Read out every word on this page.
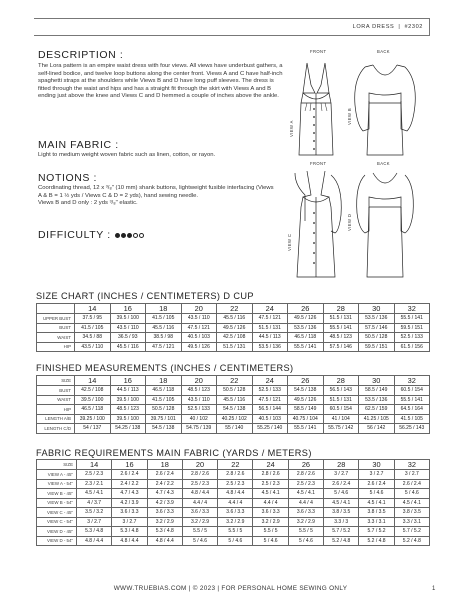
LORA DRESS | #2302
DESCRIPTION :
The Lora pattern is an empire waist dress with four views. All views have underbust gathers, a self-lined bodice, and twelve loop buttons along the center front. Views A and C have half-inch spaghetti straps at the shoulders while Views B and D have long puff sleeves. The dress is fitted through the waist and hips and has a straight fit through the skirt with Views A and B ending just above the knee and Views C and D hemmed a couple of inches above the ankle.
MAIN FABRIC :
Light to medium weight woven fabric such as linen, cotton, or rayon.
NOTIONS :
Coordinating thread, 12 x ³/₈" (10 mm) shank buttons, lightweight fusible interfacing (Views A & B = 1 ½ yds / Views C & D = 2 yds), hand sewing needle.
Views B and D only : 2 yds ³/₈" elastic.
DIFFICULTY :
FRONT	BACK
FRONT	BACK
VIEW A
VIEW B
VIEW C
VIEW D
SIZE CHART (INCHES / CENTIMETERS) D CUP
	14	16	18	20	22	24	26	28	30	32
UPPER BUST	37.5 / 95	39.5 / 100	41.5 / 105	43.5 / 110	45.5 / 116	47.5 / 121	49.5 / 126	51.5 / 131	53.5 / 136	55.5 / 141
BUST	41.5 / 105	43.5 / 110	45.5 / 116	47.5 / 121	49.5 / 126	51.5 / 131	53.5 / 136	55.5 / 141	57.5 / 146	59.5 / 151
WAIST	34.5 / 88	36.5 / 93	38.5 / 98	40.5 / 103	42.5 / 108	44.5 / 113	46.5 / 118	48.5 / 123	50.5 / 128	52.5 / 133
HIP	43.5 / 110	45.5 / 116	47.5 / 121	49.5 / 126	51.5 / 131	53.5 / 136	55.5 / 141	57.5 / 146	59.5 / 151	61.5 / 156
FINISHED MEASUREMENTS (INCHES / CENTIMETERS)
SIZE	14	16	18	20	22	24	26	28	30	32
BUST	42.5 / 108	44.5 / 113	46.5 / 118	48.5 / 123	50.5 / 128	52.5 / 133	54.5 / 138	56.5 / 143	58.5 / 149	60.5 / 154
WAIST	39.5 / 100	39.5 / 100	41.5 / 105	43.5 / 110	45.5 / 116	47.5 / 121	49.5 / 126	51.5 / 131	53.5 / 136	55.5 / 141
HIP	46.5 / 118	48.5 / 123	50.5 / 128	52.5 / 133	54.5 / 138	56.5 / 144	58.5 / 149	60.5 / 154	62.5 / 159	64.5 / 164
LENGTH A/B	39.25 / 100	39.5 / 100	39.75 / 101	40 / 102	40.25 / 102	40.5 / 103	40.75 / 104	41 / 104	41.25 / 105	41.5 / 105
LENGTH C/D	54 / 137	54.25 / 138	54.5 / 138	54.75 / 139	55 / 140	55.25 / 140	55.5 / 141	55.75 / 142	56 / 142	56.25 / 143
FABRIC REQUIREMENTS MAIN FABRIC (YARDS / METERS)
SIZE	14	16	18	20	22	24	26	28	30	32
VIEW A - 45"	2.5 / 2.3	2.6 / 2.4	2.6 / 2.4	2.8 / 2.6	2.8 / 2.6	2.8 / 2.6	2.8 / 2.6	3 / 2.7	3 / 2.7	3 / 2.7
VIEW A - 54"	2.3 / 2.1	2.4 / 2.2	2.4 / 2.2	2.5 / 2.3	2.5 / 2.3	2.5 / 2.3	2.5 / 2.3	2.6 / 2.4	2.6 / 2.4	2.6 / 2.4
VIEW B - 45"	4.5 / 4.1	4.7 / 4.3	4.7 / 4.3	4.8 / 4.4	4.8 / 4.4	4.5 / 4.1	4.5 / 4.1	5 / 4.6	5 / 4.6	5 / 4.6
VIEW B - 54"	4 / 3.7	4.2 / 3.9	4.2 / 3.9	4.4 / 4	4.4 / 4	4.4 / 4	4.4 / 4	4.5 / 4.1	4.5 / 4.1	4.5 / 4.1
VIEW C - 45"	3.5 / 3.2	3.6 / 3.3	3.6 / 3.3	3.6 / 3.3	3.6 / 3.3	3.6 / 3.3	3.6 / 3.3	3.8 / 3.5	3.8 / 3.5	3.8 / 3.5
VIEW C - 54"	3 / 2.7	3 / 2.7	3.2 / 2.9	3.2 / 2.9	3.2 / 2.9	3.2 / 2.9	3.2 / 2.9	3.3 / 3	3.3 / 3.1	3.3 / 3.1
VIEW D - 45"	5.3 / 4.8	5.3 / 4.8	5.3 / 4.8	5.5 / 5	5.5 / 5	5.5 / 5	5.5 / 5	5.7 / 5.2	5.7 / 5.2	5.7 / 5.2
VIEW D - 54"	4.8 / 4.4	4.8 / 4.4	4.8 / 4.4	5 / 4.6	5 / 4.6	5 / 4.6	5 / 4.6	5.2 / 4.8	5.2 / 4.8	5.2 / 4.8
WWW.TRUEBIAS.COM | © 2023 | FOR PERSONAL HOME SEWING ONLY	1
